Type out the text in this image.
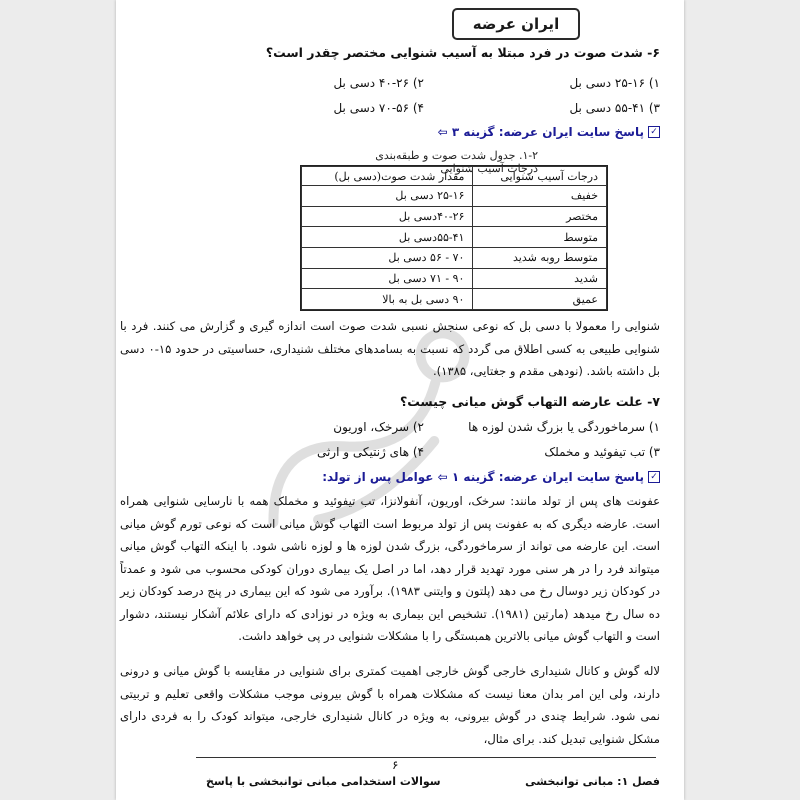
ایران عرضه
۶- شدت صوت در فرد مبتلا به آسیب شنوایی مختصر چقدر است؟
۱) ۲۵-۱۶ دسی بل
۲) ۴۰-۲۶ دسی بل
۳) ۵۵-۴۱ دسی بل
۴) ۷۰-۵۶ دسی بل
✓
پاسخ سایت ایران عرضه: گزینه ۳ ⇦
۱-۲. جدول شدت صوت و طبقه‌بندی درجات آسیب شنوایی
درجات آسیب شنوایی	مقدار شدت صوت(دسی بل)
خفیف	۲۵-۱۶ دسی بل
مختصر	۴۰-۲۶دسی بل
متوسط	۵۵-۴۱دسی بل
متوسط روبه شدید	۷۰ - ۵۶ دسی بل
شدید	۹۰ - ۷۱ دسی بل
عمیق	۹۰ دسی بل به بالا
شنوایی را معمولا با دسی بل که نوعی سنجش نسبی شدت صوت است اندازه گیری و گزارش می کنند. فرد با شنوایی طبیعی به کسی اطلاق می گردد که نسبت به بسامدهای مختلف شنیداری، حساسیتی در حدود ۱۵-۰ دسی بل داشته باشد. (نودهی مقدم و جغتایی، ۱۳۸۵).
۷- علت عارضه التهاب گوش میانی چیست؟
۱) سرماخوردگی یا بزرگ شدن لوزه ها
۲) سرخک، اوریون
۳) تب تیفوئید و مخملک
۴) های ژنتیکی و ارثی
✓
پاسخ سایت ایران عرضه: گزینه ۱ ⇦ عوامل پس از تولد:
عفونت های پس از تولد مانند: سرخک، اوریون، آنفولانزا، تب تیفوئید و مخملک همه با نارسایی شنوایی همراه است. عارضه دیگری که به عفونت پس از تولد مربوط است التهاب گوش میانی است که نوعی تورم گوش میانی است. این عارضه می تواند از سرماخوردگی، بزرگ شدن لوزه ها و لوزه ناشی شود. با اینکه التهاب گوش میانی میتواند فرد را در هر سنی مورد تهدید قرار دهد، اما در اصل یک بیماری دوران کودکی محسوب می شود و عمدتاً در کودکان زیر دوسال رخ می دهد (پلتون و وایتنی ۱۹۸۳). برآورد می شود که این بیماری در پنج درصد کودکان زیر ده سال رخ میدهد (مارتین (۱۹۸۱). تشخیص این بیماری به ویژه در نوزادی که دارای علائم آشکار نیستند، دشوار است و التهاب گوش میانی بالاترین همبستگی را با مشکلات شنوایی در پی خواهد داشت.
لاله گوش و کانال شنیداری خارجی گوش خارجی اهمیت کمتری برای شنوایی در مقایسه با گوش میانی و درونی دارند، ولی این امر بدان معنا نیست که مشکلات همراه با گوش بیرونی موجب مشکلات واقعی تعلیم و تربیتی نمی شود. شرایط چندی در گوش بیرونی، به ویژه در کانال شنیداری خارجی، میتواند کودک را به فردی دارای مشکل شنوایی تبدیل کند. برای مثال،
۶
سوالات استخدامی مبانی توانبخشی با پاسخ	فصل ۱: مبانی توانبخشی
